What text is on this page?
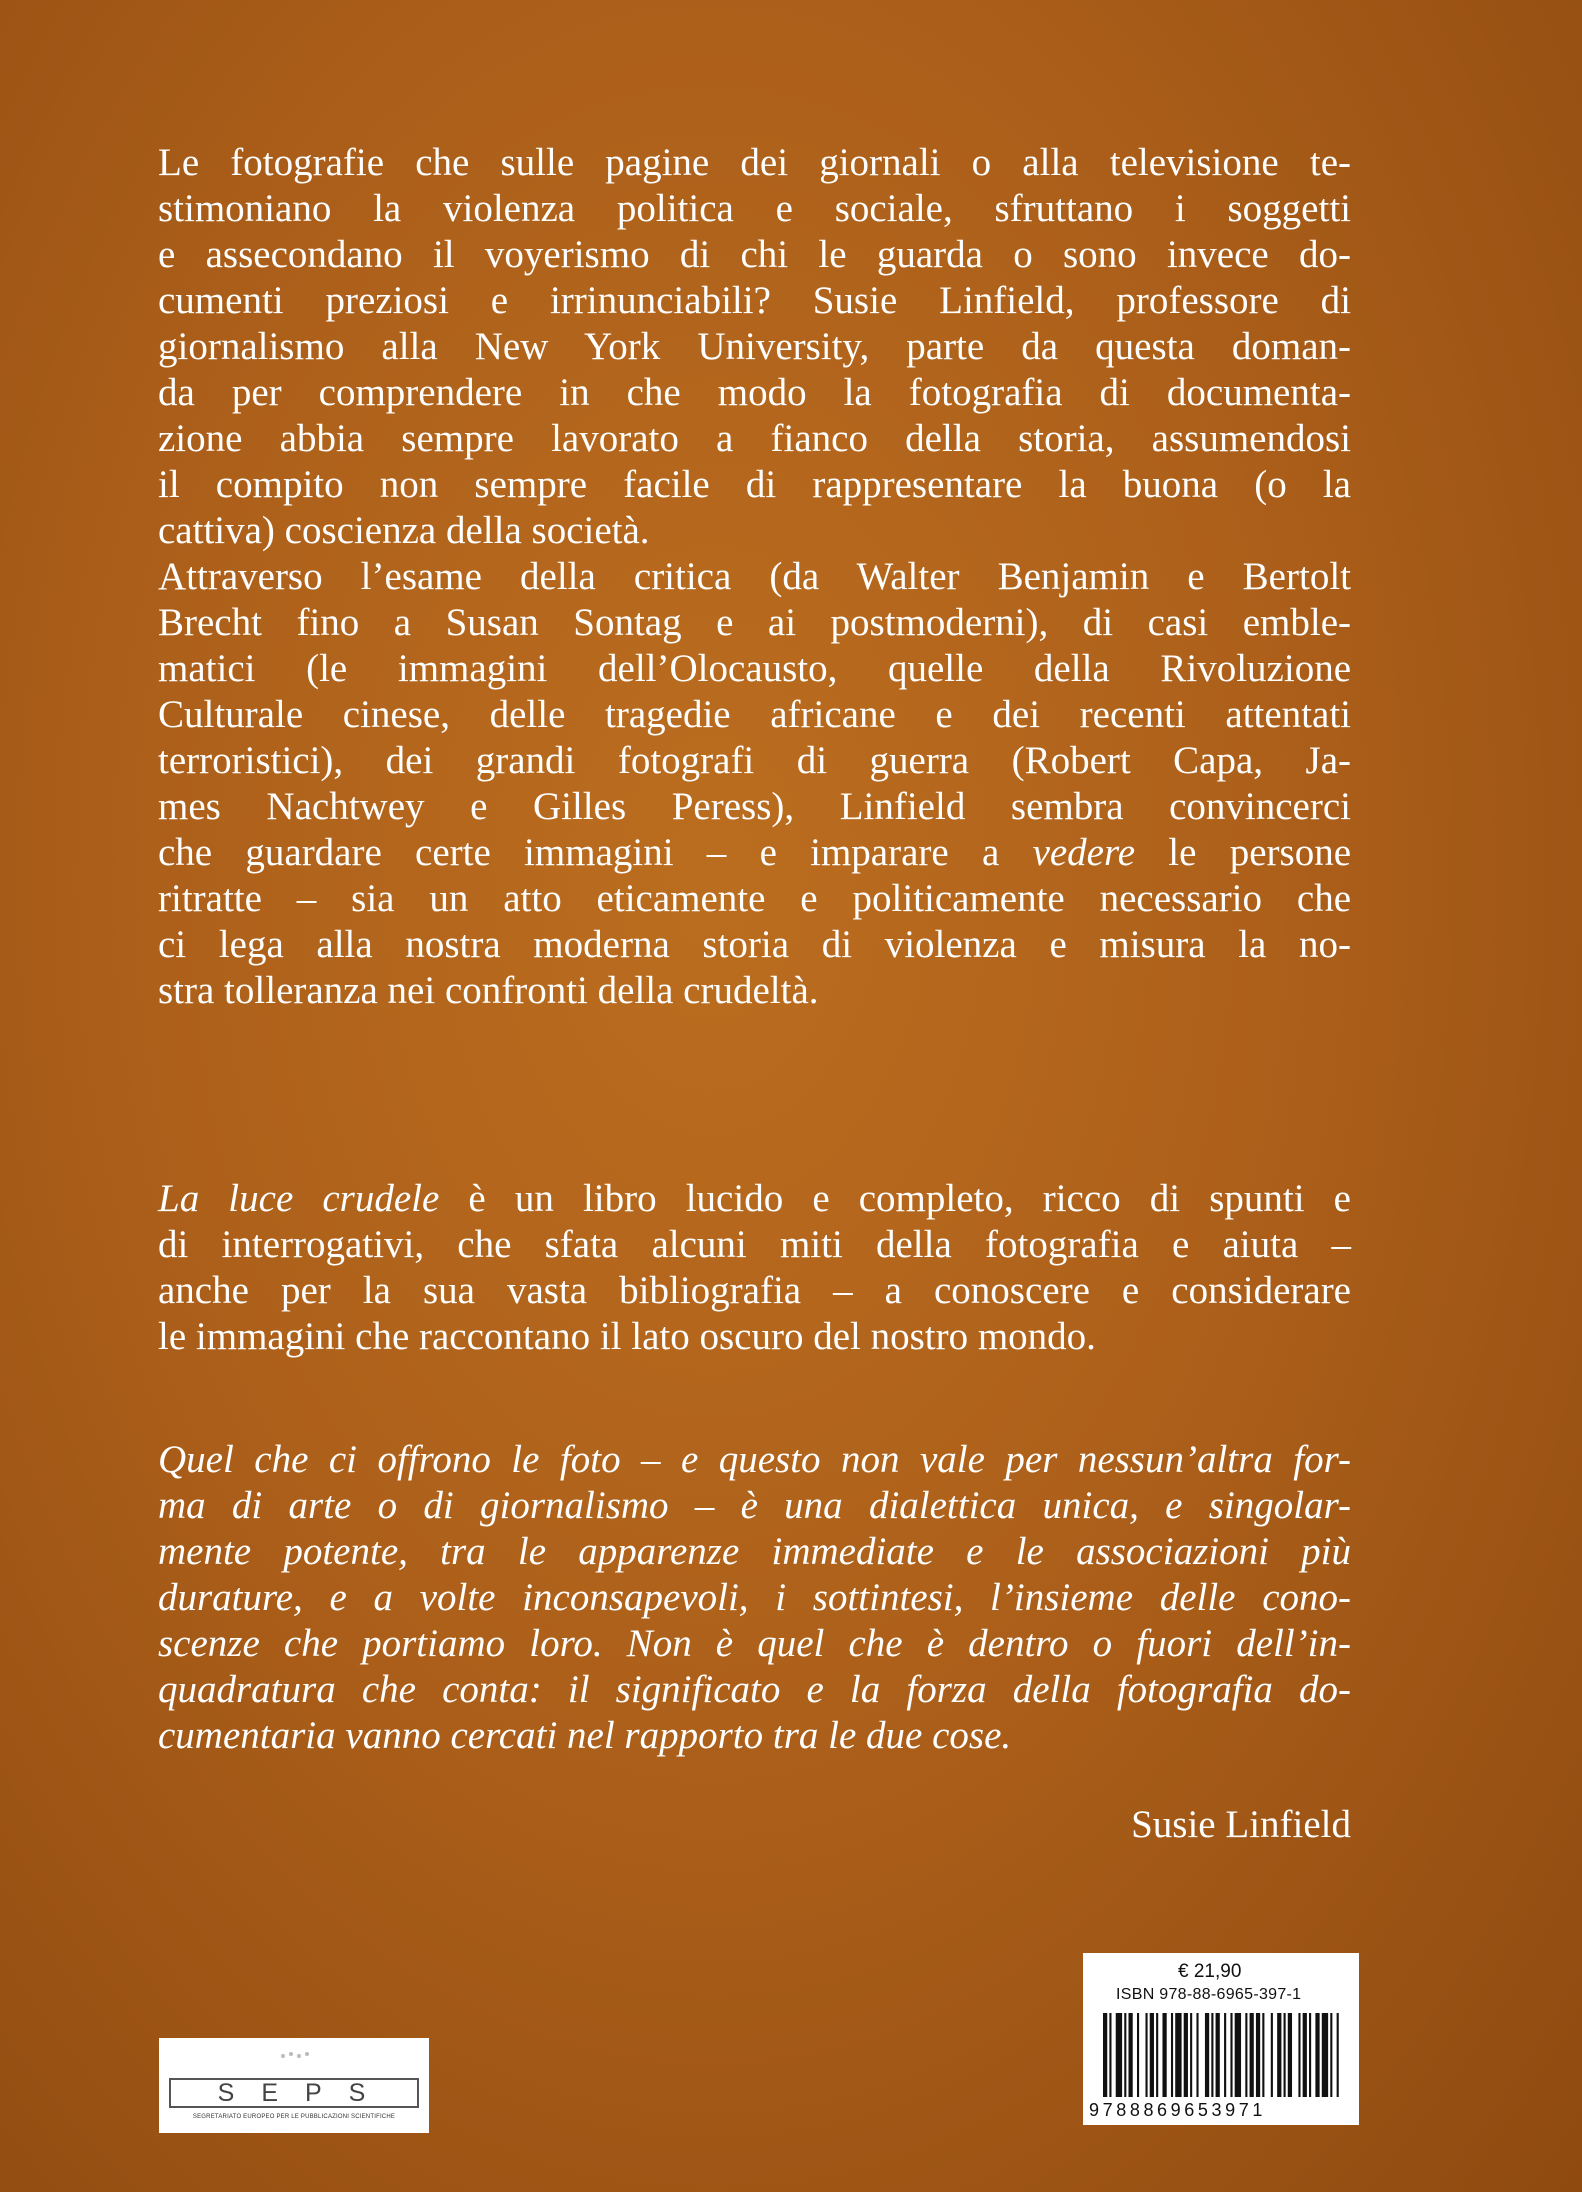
Le fotografie che sulle pagine dei giornali o alla televisione te-
stimoniano la violenza politica e sociale, sfruttano i soggetti
e assecondano il voyerismo di chi le guarda o sono invece do-
cumenti preziosi e irrinunciabili? Susie Linfield, professore di
giornalismo alla New York University, parte da questa doman-
da per comprendere in che modo la fotografia di documenta-
zione abbia sempre lavorato a fianco della storia, assumendosi
il compito non sempre facile di rappresentare la buona (o la
cattiva) coscienza della società.
Attraverso l’esame della critica (da Walter Benjamin e Bertolt
Brecht fino a Susan Sontag e ai postmoderni), di casi emble-
matici (le immagini dell’Olocausto, quelle della Rivoluzione
Culturale cinese, delle tragedie africane e dei recenti attentati
terroristici), dei grandi fotografi di guerra (Robert Capa, Ja-
mes Nachtwey e Gilles Peress), Linfield sembra convincerci
che guardare certe immagini – e imparare a vedere le persone
ritratte – sia un atto eticamente e politicamente necessario che
ci lega alla nostra moderna storia di violenza e misura la no-
stra tolleranza nei confronti della crudeltà.
La luce crudele è un libro lucido e completo, ricco di spunti e
di interrogativi, che sfata alcuni miti della fotografia e aiuta –
anche per la sua vasta bibliografia – a conoscere e considerare
le immagini che raccontano il lato oscuro del nostro mondo.
Quel che ci offrono le foto – e questo non vale per nessun’altra for-
ma di arte o di giornalismo – è una dialettica unica, e singolar-
mente potente, tra le apparenze immediate e le associazioni più
durature, e a volte inconsapevoli, i sottintesi, l’insieme delle cono-
scenze che portiamo loro. Non è quel che è dentro o fuori dell’in-
quadratura che conta: il significato e la forza della fotografia do-
cumentaria vanno cercati nel rapporto tra le due cose.
Susie Linfield
SEPS
SEGRETARIATO EUROPEO PER LE PUBBLICAZIONI SCIENTIFICHE
€ 21,90
ISBN 978-88-6965-397-1
9788869653971
